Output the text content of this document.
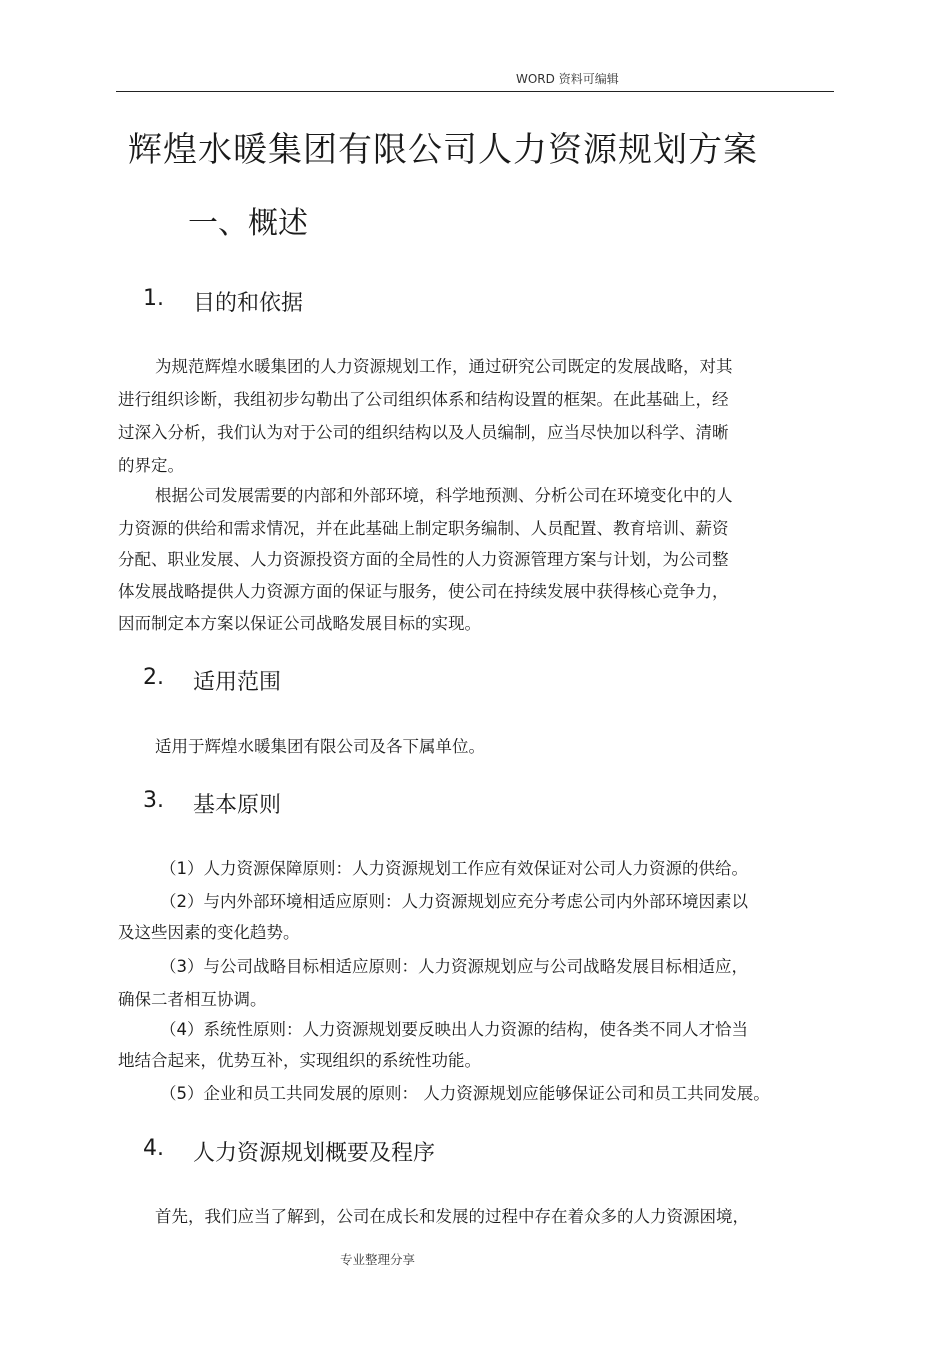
WORD 资料可编辑
辉煌水暖集团有限公司人力资源规划方案
一、概述
1. 目的和依据
为规范辉煌水暖集团的人力资源规划工作，通过研究公司既定的发展战略，对其
进行组织诊断，我组初步勾勒出了公司组织体系和结构设置的框架。在此基础上，经
过深入分析，我们认为对于公司的组织结构以及人员编制，应当尽快加以科学、清晰
的界定。
根据公司发展需要的内部和外部环境，科学地预测、分析公司在环境变化中的人
力资源的供给和需求情况，并在此基础上制定职务编制、人员配置、教育培训、薪资
分配、职业发展、人力资源投资方面的全局性的人力资源管理方案与计划，为公司整
体发展战略提供人力资源方面的保证与服务，使公司在持续发展中获得核心竞争力，
因而制定本方案以保证公司战略发展目标的实现。
2. 适用范围
适用于辉煌水暖集团有限公司及各下属单位。
3. 基本原则
（1）人力资源保障原则：人力资源规划工作应有效保证对公司人力资源的供给。
（2）与内外部环境相适应原则：人力资源规划应充分考虑公司内外部环境因素以
及这些因素的变化趋势。
（3）与公司战略目标相适应原则：人力资源规划应与公司战略发展目标相适应，
确保二者相互协调。
（4）系统性原则：人力资源规划要反映出人力资源的结构，使各类不同人才恰当
地结合起来，优势互补，实现组织的系统性功能。
（5）企业和员工共同发展的原则： 人力资源规划应能够保证公司和员工共同发展。
4. 人力资源规划概要及程序
首先，我们应当了解到，公司在成长和发展的过程中存在着众多的人力资源困境，
专业整理分享
